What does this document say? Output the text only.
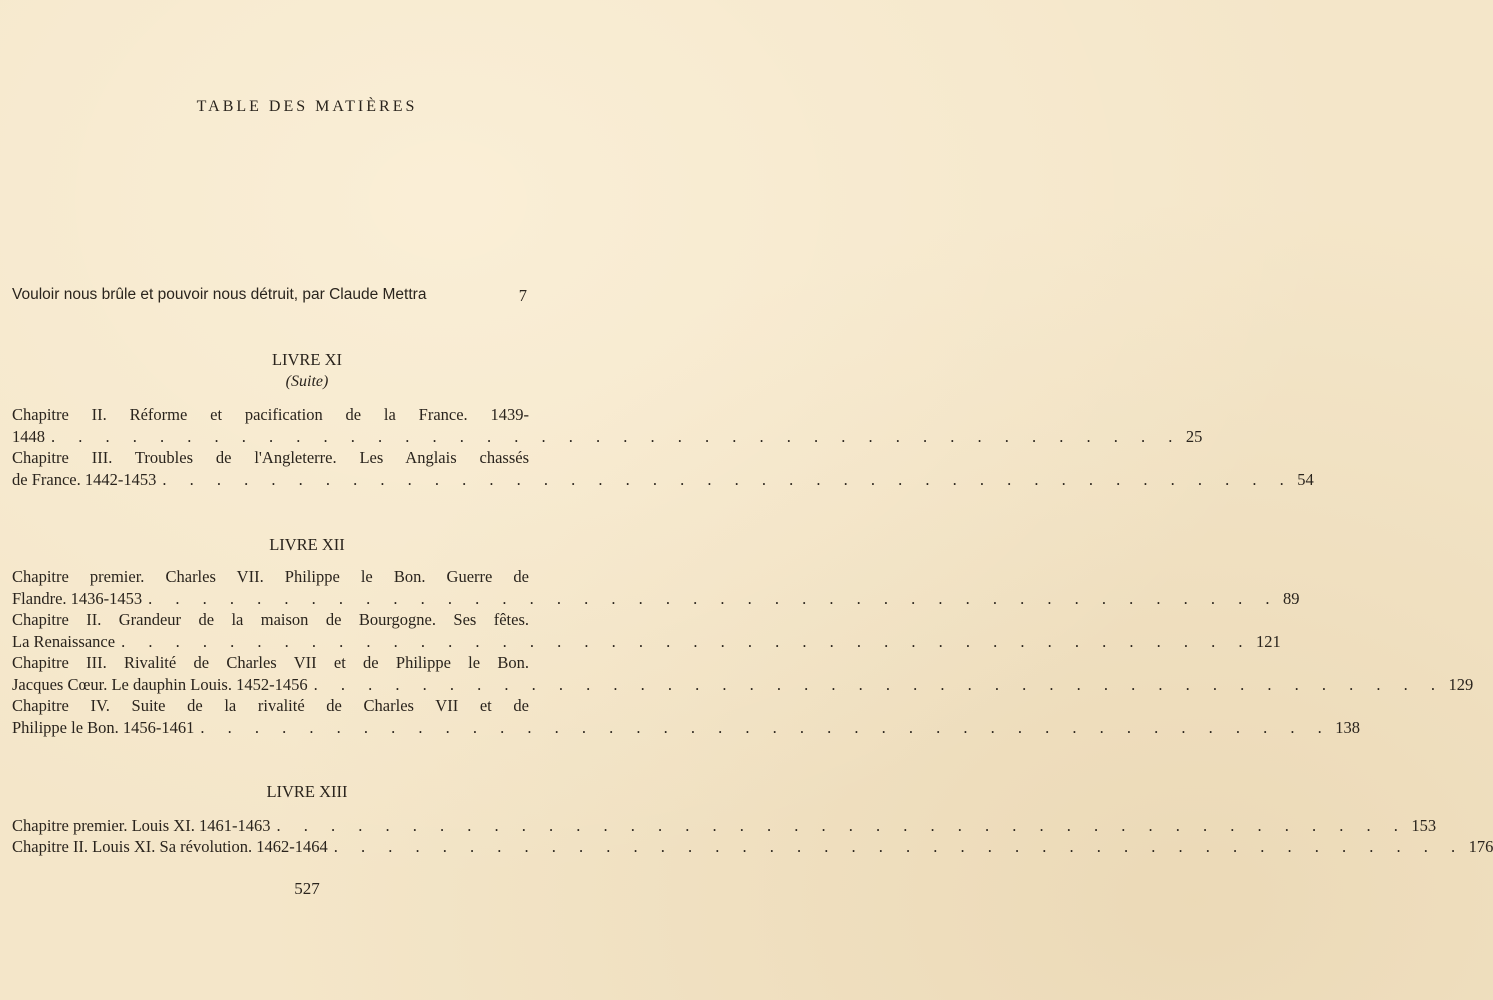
TABLE DES MATIÈRES
Vouloir nous brûle et pouvoir nous détruit, par Claude Mettra	7
LIVRE XI
(Suite)
Chapitre II. Réforme et pacification de la France. 1439-
1448 . . . . . . . . . . . . . . . . . . . . . . . . . . . . . . . . . . . . . . . . . . 25
Chapitre III. Troubles de l'Angleterre. Les Anglais chassés
de France. 1442-1453 . . . . . . . . . . . . . . . . . . . . . . . . . . . . . . . . . . . . . . . . . . 54
LIVRE XII
Chapitre premier. Charles VII. Philippe le Bon. Guerre de
Flandre. 1436-1453 . . . . . . . . . . . . . . . . . . . . . . . . . . . . . . . . . . . . . . . . . . 89
Chapitre II. Grandeur de la maison de Bourgogne. Ses fêtes.
La Renaissance . . . . . . . . . . . . . . . . . . . . . . . . . . . . . . . . . . . . . . . . . . 121
Chapitre III. Rivalité de Charles VII et de Philippe le Bon.
Jacques Cœur. Le dauphin Louis. 1452-1456 . . . . . . . . . . . . . . . . . . . . . . . . . . . . . . . . . . . . . . . . . . 129
Chapitre IV. Suite de la rivalité de Charles VII et de
Philippe le Bon. 1456-1461 . . . . . . . . . . . . . . . . . . . . . . . . . . . . . . . . . . . . . . . . . . 138
LIVRE XIII
Chapitre premier. Louis XI. 1461-1463 . . . . . . . . . . . . . . . . . . . . . . . . . . . . . . . . . . . . . . . . . . 153
Chapitre II. Louis XI. Sa révolution. 1462-1464 . . . . . . . . . . . . . . . . . . . . . . . . . . . . . . . . . . . . . . . . . . 176
527
